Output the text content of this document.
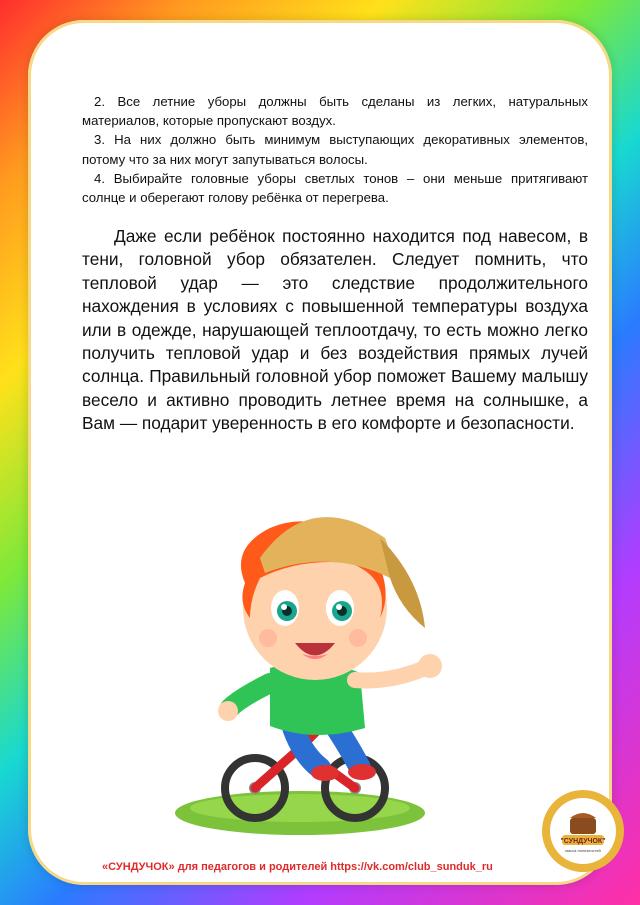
2. Все летние уборы должны быть сделаны из легких, натуральных материалов, которые пропускают воздух.

3. На них должно быть минимум выступающих декоративных элементов, потому что за них могут запутываться волосы.

4. Выбирайте головные уборы светлых тонов – они меньше притягивают солнце и оберегают голову ребёнка от перегрева.

Даже если ребёнок постоянно находится под навесом, в тени, головной убор обязателен. Следует помнить, что тепловой удар — это следствие продолжительного нахождения в условиях с повышенной температуры воздуха или в одежде, нарушающей теплоотдачу, то есть можно легко получить тепловой удар и без воздействия прямых лучей солнца. Правильный головной убор поможет Вашему малышу весело и активно проводить летнее время на солнышке, а Вам — подарит уверенность в его комфорте и безопасности.

"СУНДУЧОК"
масса полезностей
«СУНДУЧОК» для педагогов и родителей https://vk.com/club_sunduk_ru
